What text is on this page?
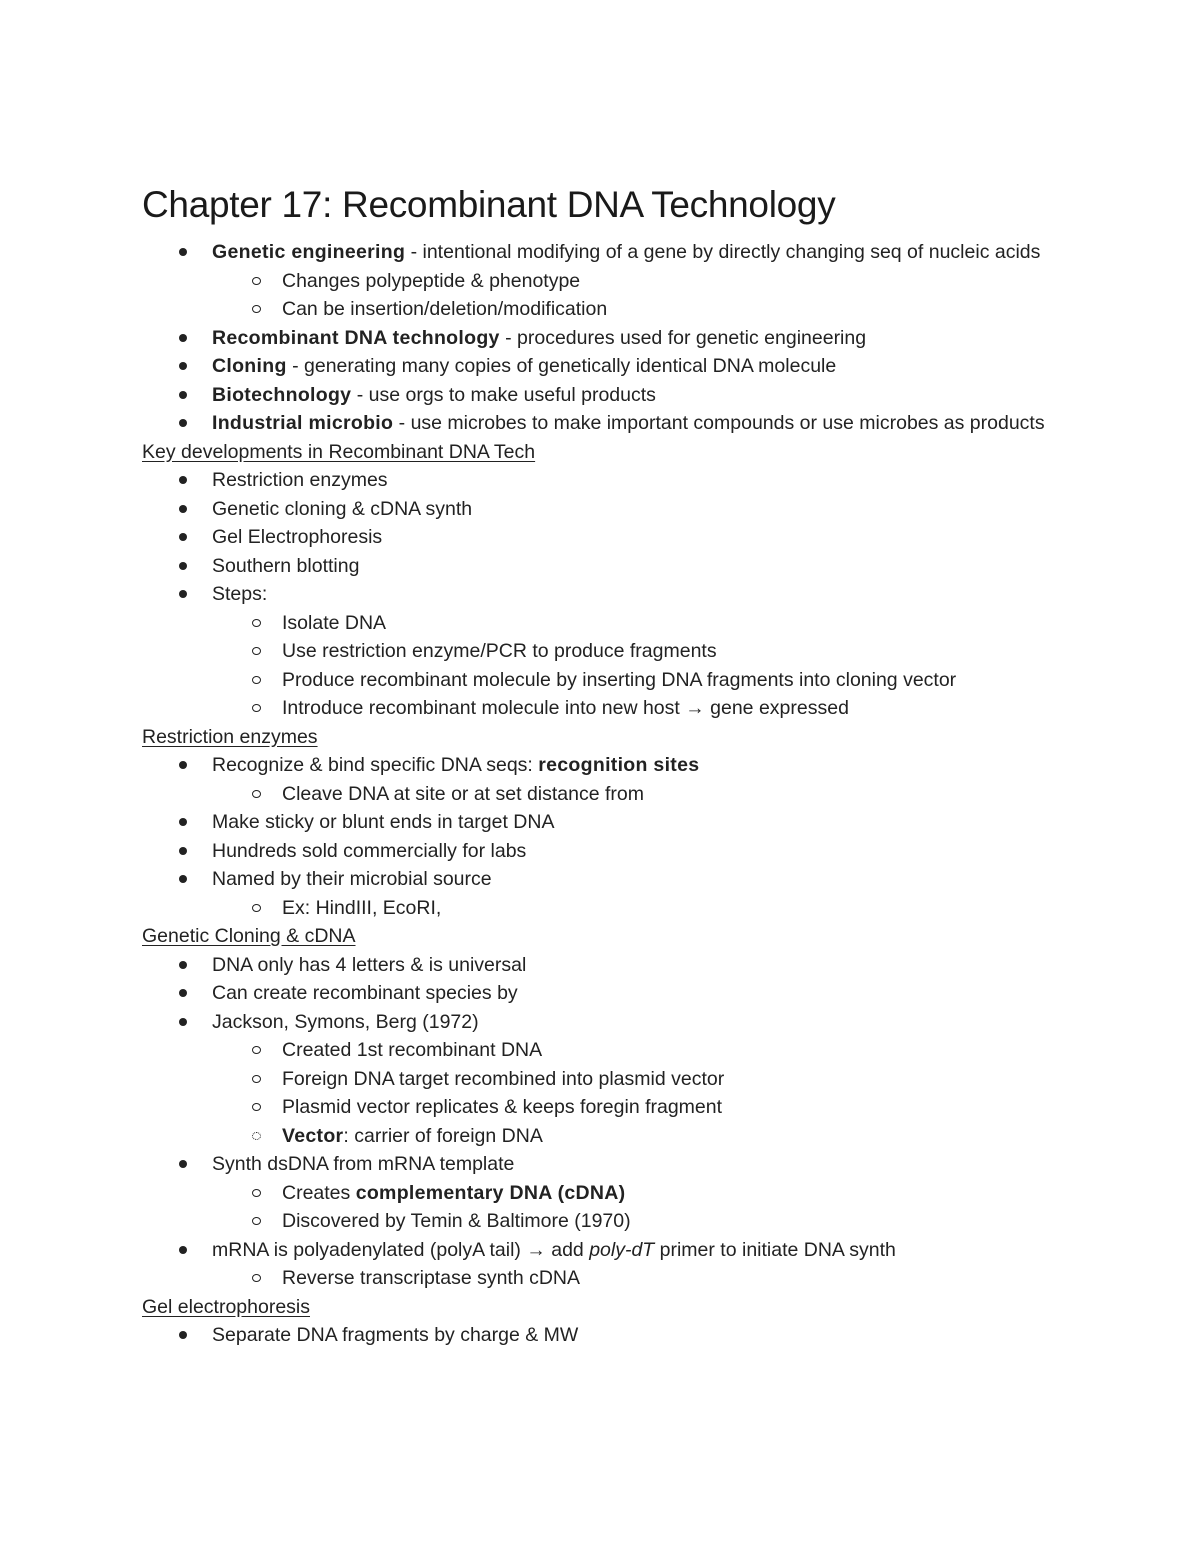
Chapter 17: Recombinant DNA Technology
Genetic engineering - intentional modifying of a gene by directly changing seq of nucleic acids
Changes polypeptide & phenotype
Can be insertion/deletion/modification
Recombinant DNA technology - procedures used for genetic engineering
Cloning - generating many copies of genetically identical DNA molecule
Biotechnology - use orgs to make useful products
Industrial microbio - use microbes to make important compounds or use microbes as products
Key developments in Recombinant DNA Tech
Restriction enzymes
Genetic cloning & cDNA synth
Gel Electrophoresis
Southern blotting
Steps:
Isolate DNA
Use restriction enzyme/PCR to produce fragments
Produce recombinant molecule by inserting DNA fragments into cloning vector
Introduce recombinant molecule into new host → gene expressed
Restriction enzymes
Recognize & bind specific DNA seqs: recognition sites
Cleave DNA at site or at set distance from
Make sticky or blunt ends in target DNA
Hundreds sold commercially for labs
Named by their microbial source
Ex: HindIII, EcoRI,
Genetic Cloning & cDNA
DNA only has 4 letters & is universal
Can create recombinant species by
Jackson, Symons, Berg (1972)
Created 1st recombinant DNA
Foreign DNA target recombined into plasmid vector
Plasmid vector replicates & keeps foregin fragment
Vector: carrier of foreign DNA
Synth dsDNA from mRNA template
Creates complementary DNA (cDNA)
Discovered by Temin & Baltimore (1970)
mRNA is polyadenylated (polyA tail) → add poly-dT primer to initiate DNA synth
Reverse transcriptase synth cDNA
Gel electrophoresis
Separate DNA fragments by charge & MW
